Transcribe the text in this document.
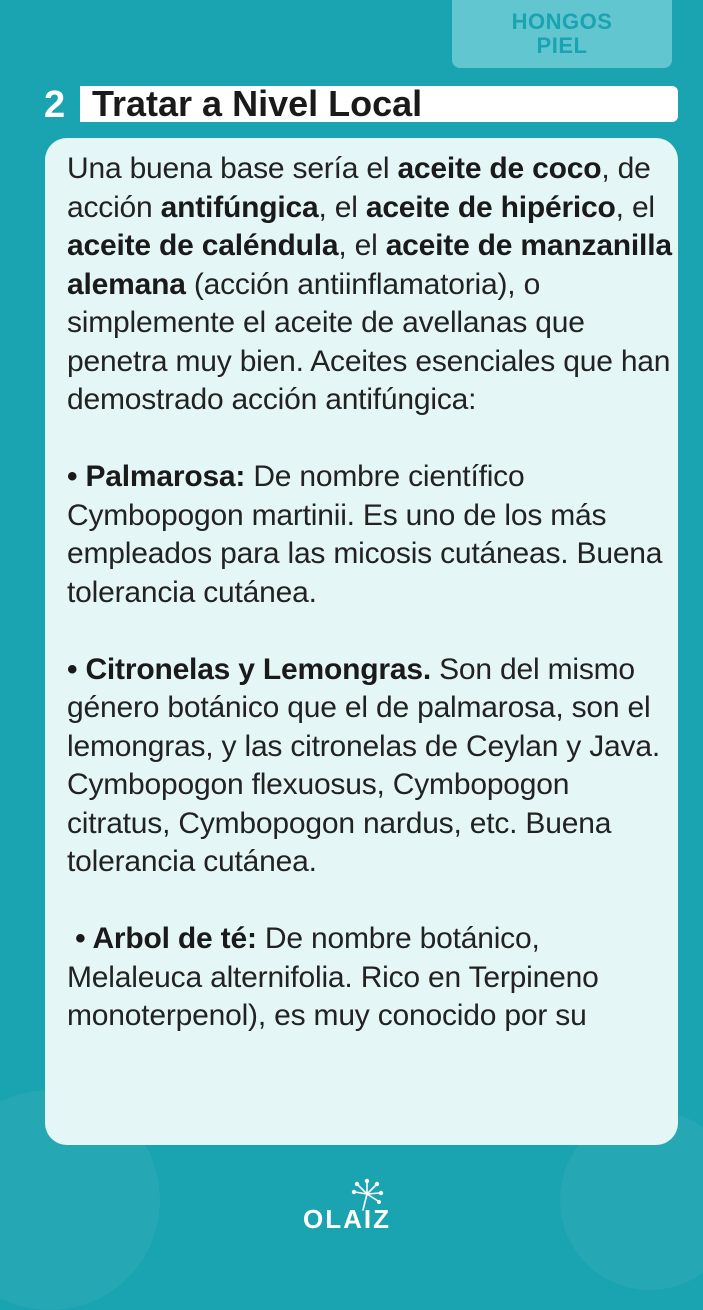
HONGOS
PIEL
2 Tratar a Nivel Local

Una buena base sería el aceite de coco, de acción antifúngica, el aceite de hipérico, el aceite de caléndula, el aceite de manzanilla alemana (acción antiinflamatoria), o simplemente el aceite de avellanas que penetra muy bien. Aceites esenciales que han demostrado acción antifúngica:

• Palmarosa: De nombre científico Cymbopogon martinii. Es uno de los más empleados para las micosis cutáneas. Buena tolerancia cutánea.

• Citronelas y Lemongras. Son del mismo género botánico que el de palmarosa, son el lemongras, y las citronelas de Ceylan y Java. Cymbopogon flexuosus, Cymbopogon citratus, Cymbopogon nardus, etc. Buena tolerancia cutánea.

• Arbol de té: De nombre botánico, Melaleuca alternifolia. Rico en Terpineno monoterpenol), es muy conocido por su

OLAIZ
